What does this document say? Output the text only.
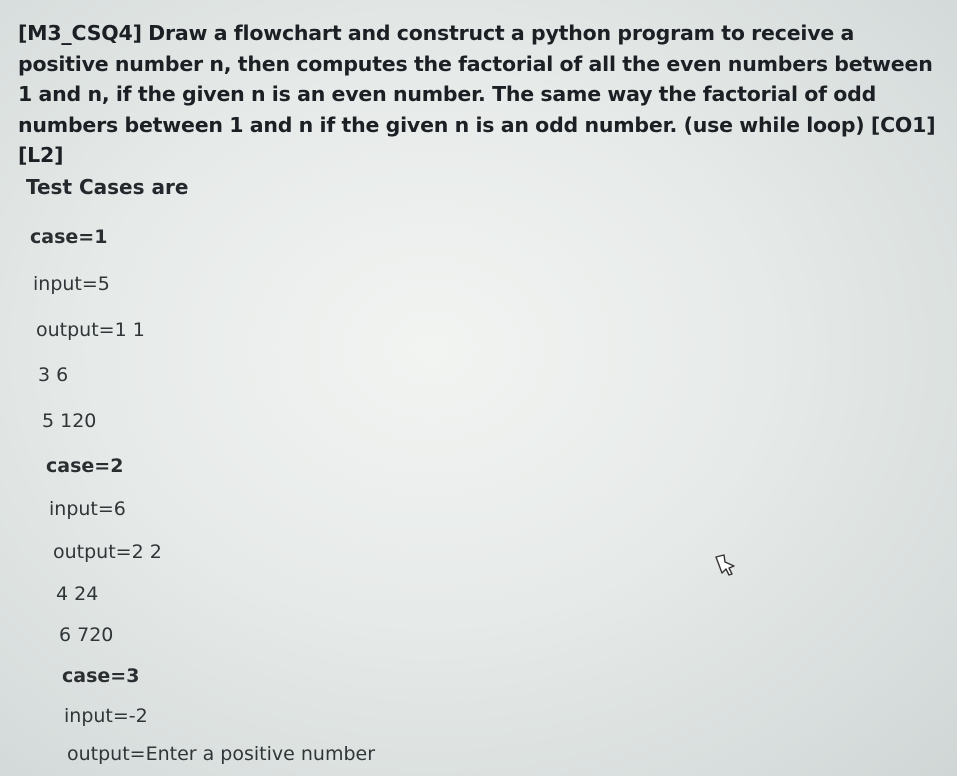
[M3_CSQ4] Draw a flowchart and construct a python program to receive a positive number n, then computes the factorial of all the even numbers between 1 and n, if the given n is an even number. The same way the factorial of odd numbers between 1 and n if the given n is an odd number. (use while loop) [CO1] [L2]
Test Cases are
case=1
input=5
output=1 1
3 6
5 120
case=2
input=6
output=2 2
4 24
6 720
case=3
input=-2
output=Enter a positive number
